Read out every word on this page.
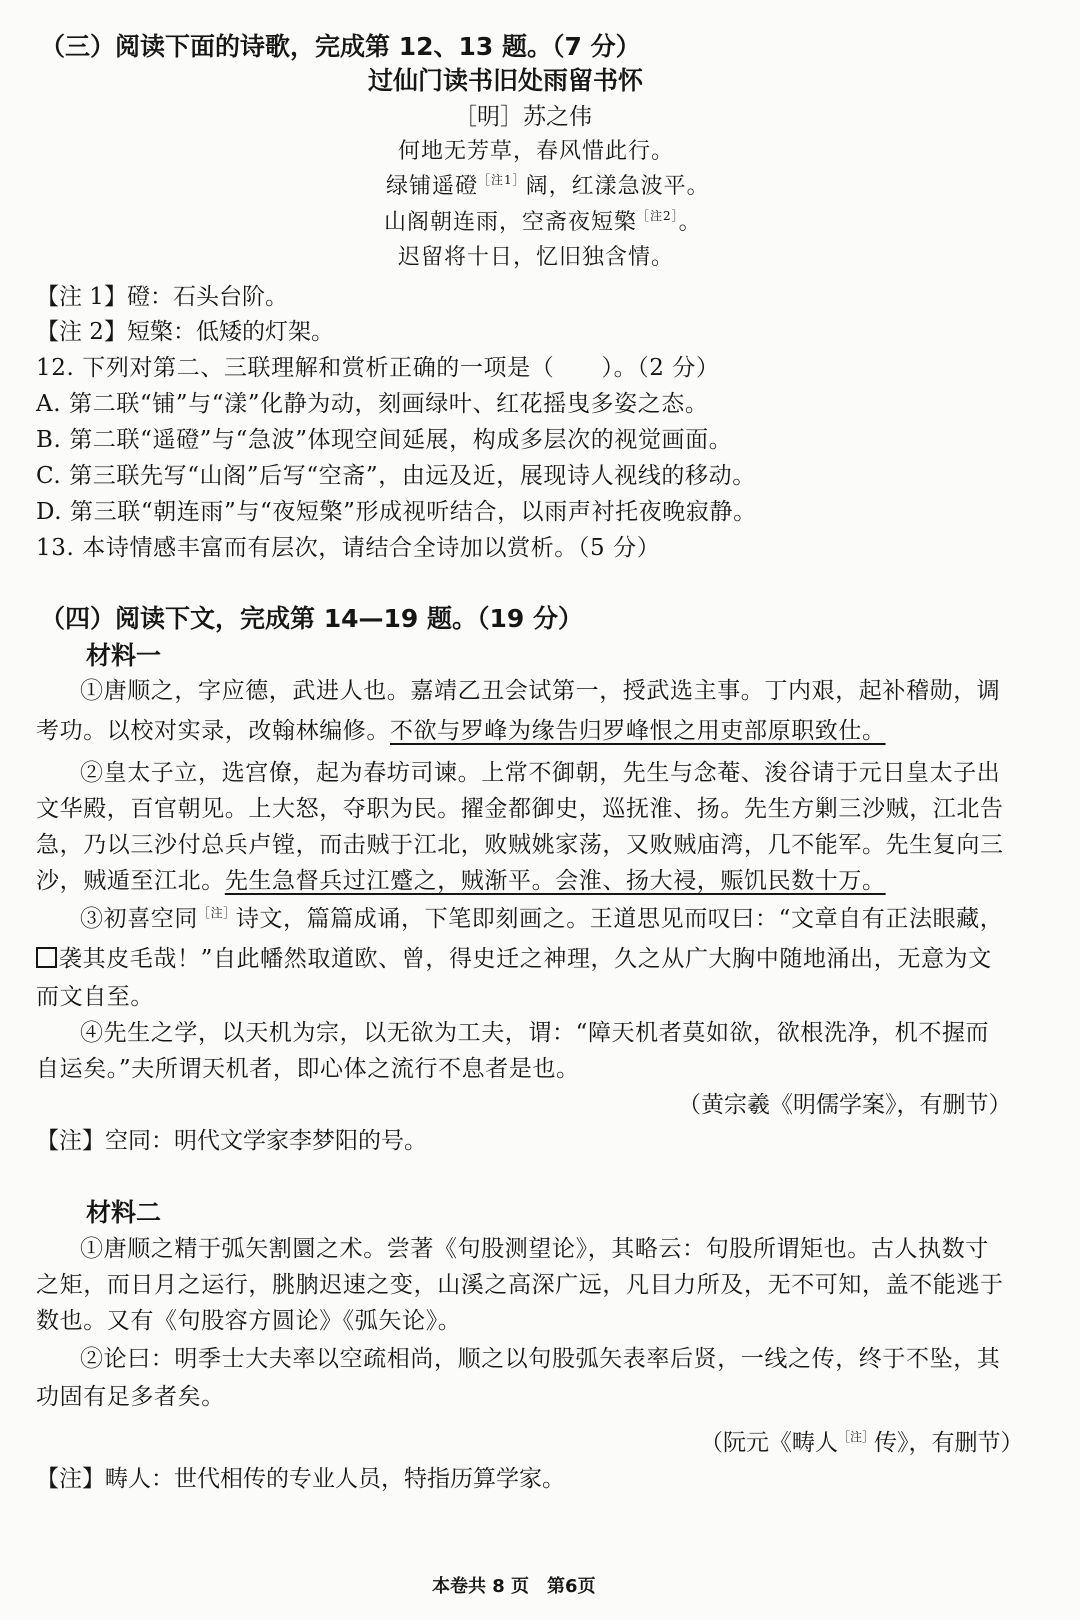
（三）阅读下面的诗歌，完成第 12、13 题。（7 分）
过仙门读书旧处雨留书怀
［明］苏之伟
何地无芳草，春风惜此行。
绿铺遥磴$^{[注1]}$阔，红漾急波平。
山阁朝连雨，空斋夜短檠$^{[注2]}$。
迟留将十日，忆旧独含情。
【注 1】磴：石头台阶。
【注 2】短檠：低矮的灯架。
12. 下列对第二、三联理解和赏析正确的一项是（　　）。（2 分）
A. 第二联“铺”与“漾”化静为动，刻画绿叶、红花摇曳多姿之态。
B. 第二联“遥磴”与“急波”体现空间延展，构成多层次的视觉画面。
C. 第三联先写“山阁”后写“空斋”，由远及近，展现诗人视线的移动。
D. 第三联“朝连雨”与“夜短檠”形成视听结合，以雨声衬托夜晚寂静。
13. 本诗情感丰富而有层次，请结合全诗加以赏析。（5 分）
（四）阅读下文，完成第 14—19 题。（19 分）
材料一
①唐顺之，字应德，武进人也。嘉靖乙丑会试第一，授武选主事。丁内艰，起补稽勋，调
考功。以校对实录，改翰林编修。不欲与罗峰为缘告归罗峰恨之用吏部原职致仕。
②皇太子立，选宫僚，起为春坊司谏。上常不御朝，先生与念菴、浚谷请于元日皇太子出
文华殿，百官朝见。上大怒，夺职为民。擢金都御史，巡抚淮、扬。先生方剿三沙贼，江北告
急，乃以三沙付总兵卢镗，而击贼于江北，败贼姚家荡，又败贼庙湾，几不能军。先生复向三
沙，贼遁至江北。先生急督兵过江蹙之，贼渐平。会淮、扬大祲，赈饥民数十万。
③初喜空同$^{[注]}$诗文，篇篇成诵，下笔即刻画之。王道思见而叹曰：“文章自有正法眼藏，
袭其皮毛哉！”自此幡然取道欧、曾，得史迁之神理，久之从广大胸中随地涌出，无意为文
而文自至。
④先生之学，以天机为宗，以无欲为工夫，谓：“障天机者莫如欲，欲根洗净，机不握而
自运矣。”夫所谓天机者，即心体之流行不息者是也。
（黄宗羲《明儒学案》，有删节）
【注】空同：明代文学家李梦阳的号。
材料二
①唐顺之精于弧矢割圜之术。尝著《句股测望论》，其略云：句股所谓矩也。古人执数寸
之矩，而日月之运行，朓朒迟速之变，山溪之高深广远，凡目力所及，无不可知，盖不能逃于
数也。又有《句股容方圆论》《弧矢论》。
②论曰：明季士大夫率以空疏相尚，顺之以句股弧矢表率后贤，一线之传，终于不坠，其
功固有足多者矣。
（阮元《畴人$^{[注]}$传》，有删节）
【注】畴人：世代相传的专业人员，特指历算学家。
本卷共 8 页　第6页
